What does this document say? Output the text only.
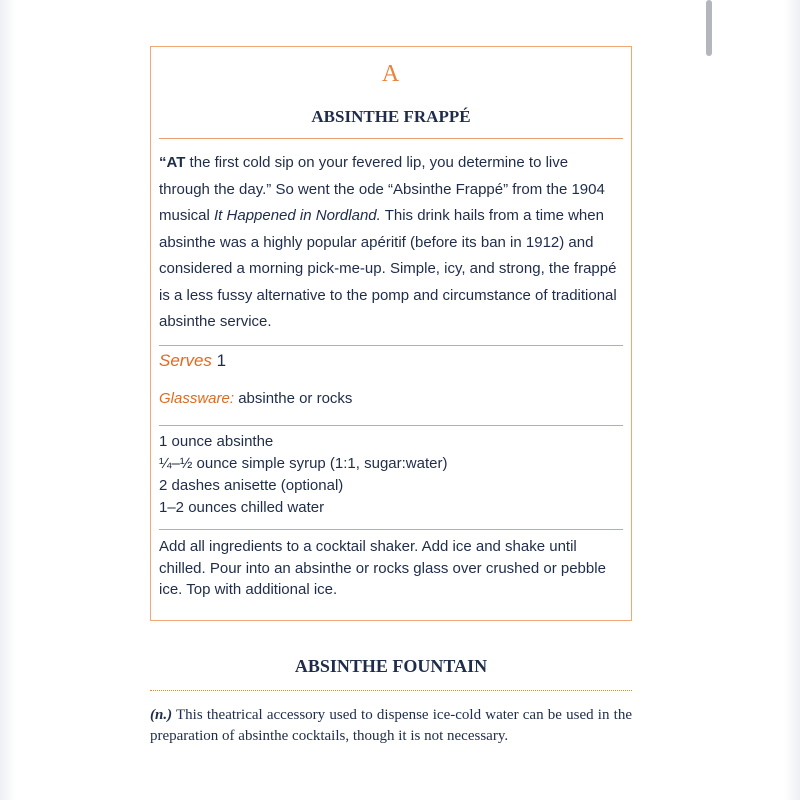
A
ABSINTHE FRAPPÉ
“AT the first cold sip on your fevered lip, you determine to live through the day.” So went the ode “Absinthe Frappé” from the 1904 musical It Happened in Nordland. This drink hails from a time when absinthe was a highly popular apéritif (before its ban in 1912) and considered a morning pick-me-up. Simple, icy, and strong, the frappé is a less fussy alternative to the pomp and circumstance of traditional absinthe service.
Serves 1
Glassware: absinthe or rocks
1 ounce absinthe
¼–½ ounce simple syrup (1:1, sugar:water)
2 dashes anisette (optional)
1–2 ounces chilled water
Add all ingredients to a cocktail shaker. Add ice and shake until chilled. Pour into an absinthe or rocks glass over crushed or pebble ice. Top with additional ice.
ABSINTHE FOUNTAIN
(n.) This theatrical accessory used to dispense ice-cold water can be used in the preparation of absinthe cocktails, though it is not necessary.
